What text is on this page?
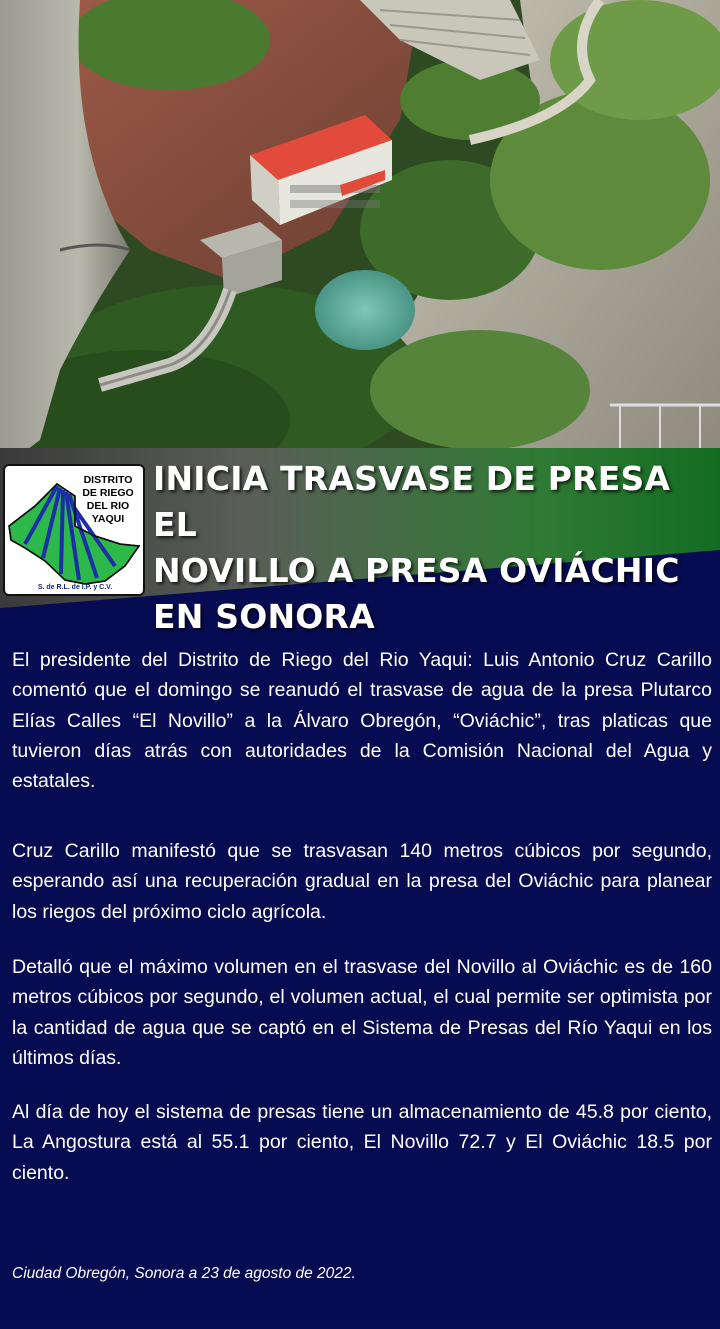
DISTRITO
DE RIEGO
DEL RIO
YAQUI
S. de R.L. de I.P. y C.V.
INICIA TRASVASE DE PRESA EL
NOVILLO A PRESA OVIÁCHIC
EN SONORA

El presidente del Distrito de Riego del Rio Yaqui: Luis Antonio Cruz Carillo comentó que el domingo se reanudó el trasvase de agua de la presa Plutarco Elías Calles “El Novillo” a la Álvaro Obregón, “Oviáchic”, tras platicas que tuvieron días atrás con autoridades de la Comisión Nacional del Agua y estatales.

Cruz Carillo manifestó que se trasvasan 140 metros cúbicos por segundo, esperando así una recuperación gradual en la presa del Oviáchic para planear los riegos del próximo ciclo agrícola.

Detalló que el máximo volumen en el trasvase del Novillo al Oviáchic es de 160 metros cúbicos por segundo, el volumen actual, el cual permite ser optimista por la cantidad de agua que se captó en el Sistema de Presas del Río Yaqui en los últimos días.

Al día de hoy el sistema de presas tiene un almacenamiento de 45.8 por ciento, La Angostura está al 55.1 por ciento, El Novillo 72.7 y El Oviáchic 18.5 por ciento.

Ciudad Obregón, Sonora a 23 de agosto de 2022.
